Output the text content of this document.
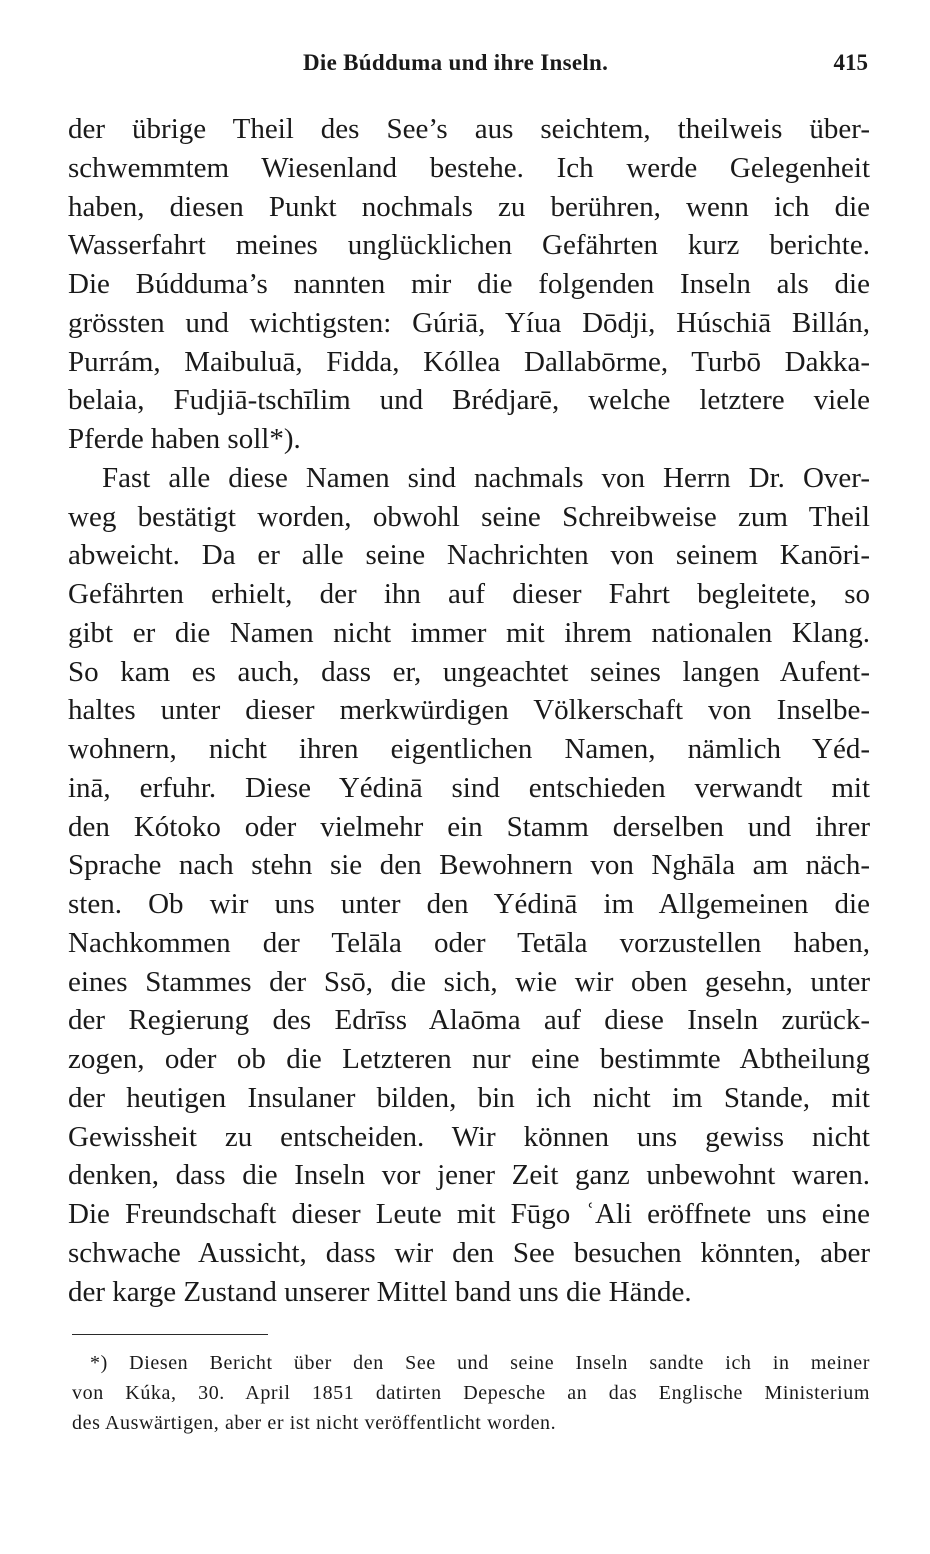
Die Búdduma und ihre Inseln.	415
der übrige Theil des See’s aus seichtem, theilweis über-
schwemmtem Wiesenland bestehe. Ich werde Gelegenheit
haben, diesen Punkt nochmals zu berühren, wenn ich die
Wasserfahrt meines unglücklichen Gefährten kurz berichte.
Die Búdduma’s nannten mir die folgenden Inseln als die
grössten und wichtigsten: Gúriā, Yíua Dōdji, Húschiā Billán,
Purrám, Maibuluā, Fidda, Kóllea Dallabōrme, Turbō Dakka-
belaia, Fudjiā-tschīlim und Brédjarē, welche letztere viele
Pferde haben soll*).
Fast alle diese Namen sind nachmals von Herrn Dr. Over-
weg bestätigt worden, obwohl seine Schreibweise zum Theil
abweicht. Da er alle seine Nachrichten von seinem Kanōri-
Gefährten erhielt, der ihn auf dieser Fahrt begleitete, so
gibt er die Namen nicht immer mit ihrem nationalen Klang.
So kam es auch, dass er, ungeachtet seines langen Aufent-
haltes unter dieser merkwürdigen Völkerschaft von Inselbe-
wohnern, nicht ihren eigentlichen Namen, nämlich Yéd-
inā, erfuhr. Diese Yédinā sind entschieden verwandt mit
den Kótoko oder vielmehr ein Stamm derselben und ihrer
Sprache nach stehn sie den Bewohnern von Nghāla am näch-
sten. Ob wir uns unter den Yédinā im Allgemeinen die
Nachkommen der Telāla oder Tetāla vorzustellen haben,
eines Stammes der Ssō, die sich, wie wir oben gesehn, unter
der Regierung des Edrīss Alaōma auf diese Inseln zurück-
zogen, oder ob die Letzteren nur eine bestimmte Abtheilung
der heutigen Insulaner bilden, bin ich nicht im Stande, mit
Gewissheit zu entscheiden. Wir können uns gewiss nicht
denken, dass die Inseln vor jener Zeit ganz unbewohnt waren.
Die Freundschaft dieser Leute mit Fūgo ʿAli eröffnete uns eine
schwache Aussicht, dass wir den See besuchen könnten, aber
der karge Zustand unserer Mittel band uns die Hände.
*) Diesen Bericht über den See und seine Inseln sandte ich in meiner
von Kúka, 30. April 1851 datirten Depesche an das Englische Ministerium
des Auswärtigen, aber er ist nicht veröffentlicht worden.
